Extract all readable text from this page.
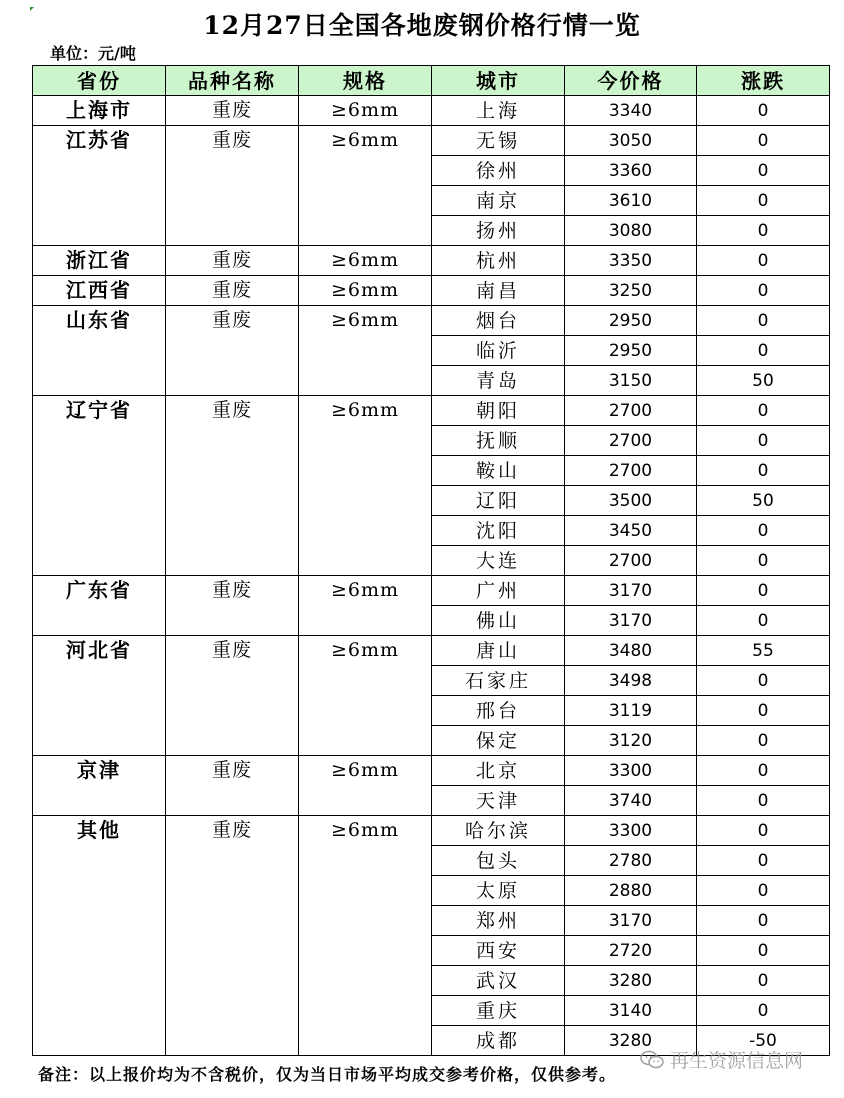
12月27日全国各地废钢价格行情一览
单位：元/吨
省份	品种名称	规格	城市	今价格	涨跌
上海市	重废	≥6mm	上海	3340	0
江苏省	重废	≥6mm	无锡	3050	0
			徐州	3360	0
			南京	3610	0
			扬州	3080	0
浙江省	重废	≥6mm	杭州	3350	0
江西省	重废	≥6mm	南昌	3250	0
山东省	重废	≥6mm	烟台	2950	0
			临沂	2950	0
			青岛	3150	50
辽宁省	重废	≥6mm	朝阳	2700	0
			抚顺	2700	0
			鞍山	2700	0
			辽阳	3500	50
			沈阳	3450	0
			大连	2700	0
广东省	重废	≥6mm	广州	3170	0
			佛山	3170	0
河北省	重废	≥6mm	唐山	3480	55
			石家庄	3498	0
			邢台	3119	0
			保定	3120	0
京津	重废	≥6mm	北京	3300	0
			天津	3740	0
其他	重废	≥6mm	哈尔滨	3300	0
			包头	2780	0
			太原	2880	0
			郑州	3170	0
			西安	2720	0
			武汉	3280	0
			重庆	3140	0
			成都	3280	-50
备注：以上报价均为不含税价，仅为当日市场平均成交参考价格，仅供参考。
再生资源信息网
